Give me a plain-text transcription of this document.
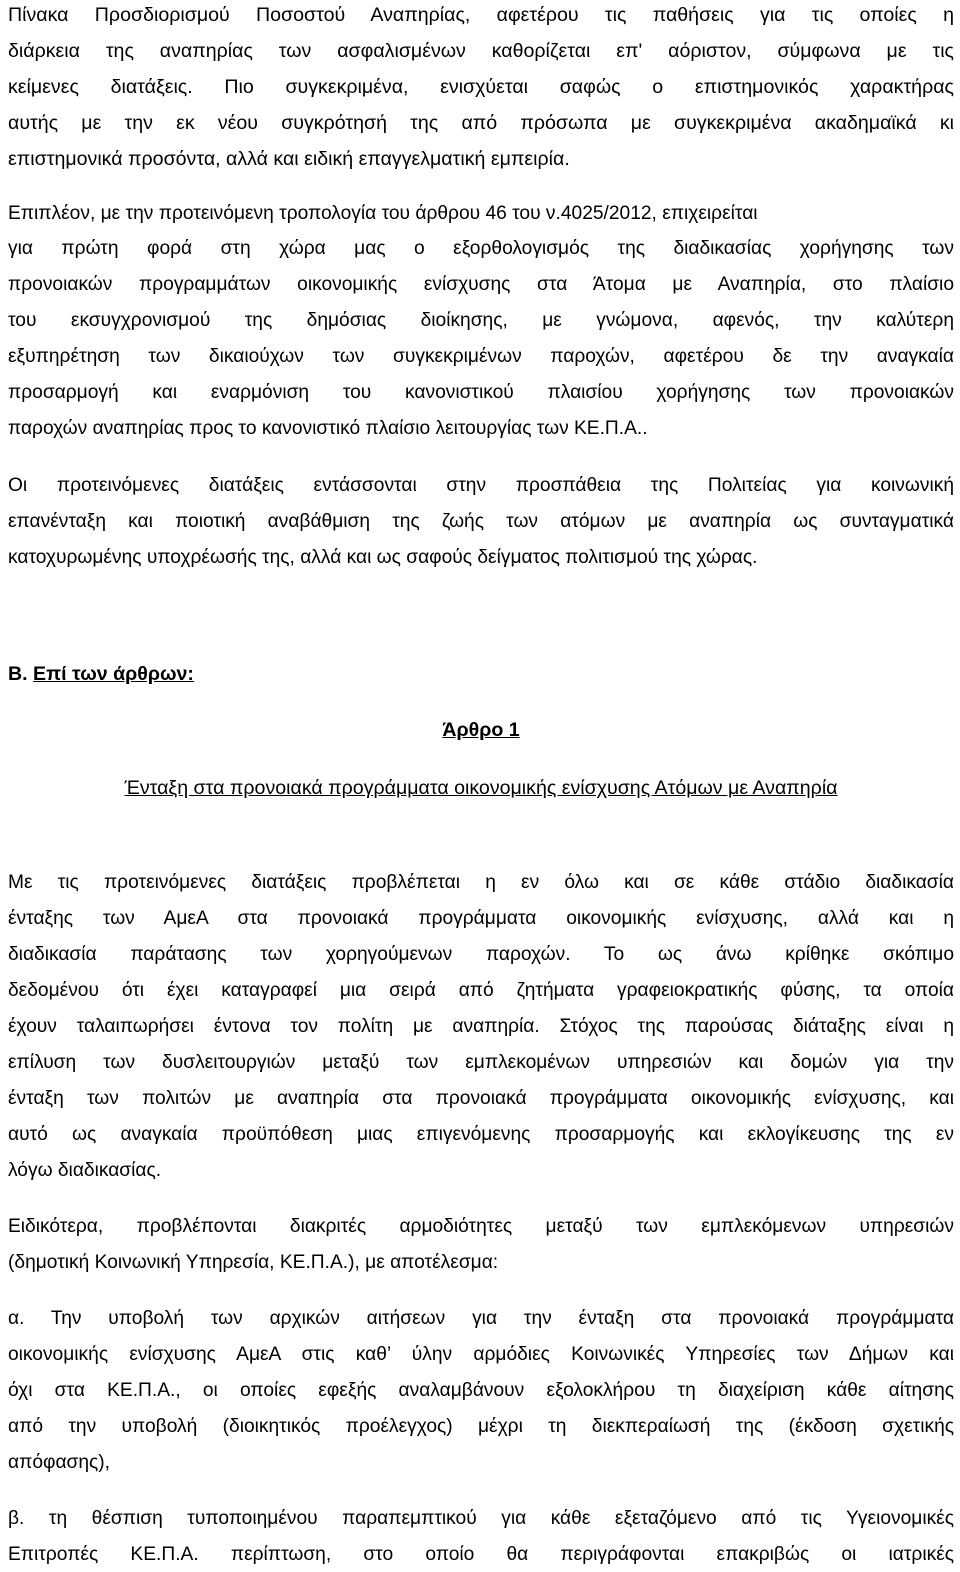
Πίνακα Προσδιορισμού Ποσοστού Αναπηρίας, αφετέρου τις παθήσεις για τις οποίες η
διάρκεια της αναπηρίας των ασφαλισμένων καθορίζεται επ' αόριστον, σύμφωνα με τις
κείμενες διατάξεις. Πιο συγκεκριμένα, ενισχύεται σαφώς ο επιστημονικός χαρακτήρας
αυτής με την εκ νέου συγκρότησή της από πρόσωπα με συγκεκριμένα ακαδημαϊκά κι
επιστημονικά προσόντα, αλλά και ειδική επαγγελματική εμπειρία.
Επιπλέον, με την προτεινόμενη τροπολογία του άρθρου 46 του ν.4025/2012, επιχειρείται
για πρώτη φορά στη χώρα μας ο εξορθολογισμός της διαδικασίας χορήγησης των
προνοιακών προγραμμάτων οικονομικής ενίσχυσης στα Άτομα με Αναπηρία, στο πλαίσιο
του εκσυγχρονισμού της δημόσιας διοίκησης, με γνώμονα, αφενός, την καλύτερη
εξυπηρέτηση των δικαιούχων των συγκεκριμένων παροχών, αφετέρου δε την αναγκαία
προσαρμογή και εναρμόνιση του κανονιστικού πλαισίου χορήγησης των προνοιακών
παροχών αναπηρίας προς το κανονιστικό πλαίσιο λειτουργίας των ΚΕ.Π.Α..
Οι προτεινόμενες διατάξεις εντάσσονται στην προσπάθεια της Πολιτείας για κοινωνική
επανένταξη και ποιοτική αναβάθμιση της ζωής των ατόμων με αναπηρία ως συνταγματικά
κατοχυρωμένης υποχρέωσής της, αλλά και ως σαφούς δείγματος πολιτισμού της χώρας.
Β. Επί των άρθρων:
Άρθρο 1
Ένταξη στα προνοιακά προγράμματα οικονομικής ενίσχυσης Ατόμων με Αναπηρία
Με τις προτεινόμενες διατάξεις προβλέπεται η εν όλω και σε κάθε στάδιο διαδικασία
ένταξης των ΑμεΑ στα προνοιακά προγράμματα οικονομικής ενίσχυσης, αλλά και η
διαδικασία παράτασης των χορηγούμενων παροχών. Το ως άνω κρίθηκε σκόπιμο
δεδομένου ότι έχει καταγραφεί μια σειρά από ζητήματα γραφειοκρατικής φύσης, τα οποία
έχουν ταλαιπωρήσει έντονα τον πολίτη με αναπηρία. Στόχος της παρούσας διάταξης είναι η
επίλυση των δυσλειτουργιών μεταξύ των εμπλεκομένων υπηρεσιών και δομών για την
ένταξη των πολιτών με αναπηρία στα προνοιακά προγράμματα οικονομικής ενίσχυσης, και
αυτό ως αναγκαία προϋπόθεση μιας επιγενόμενης προσαρμογής και εκλογίκευσης της εν
λόγω διαδικασίας.
Ειδικότερα, προβλέπονται διακριτές αρμοδιότητες μεταξύ των εμπλεκόμενων υπηρεσιών
(δημοτική Κοινωνική Υπηρεσία, ΚΕ.Π.Α.), με αποτέλεσμα:
α. Την υποβολή των αρχικών αιτήσεων για την ένταξη στα προνοιακά προγράμματα
οικονομικής ενίσχυσης ΑμεΑ στις καθ’ ύλην αρμόδιες Κοινωνικές Υπηρεσίες των Δήμων και
όχι στα ΚΕ.Π.Α., οι οποίες εφεξής αναλαμβάνουν εξολοκλήρου τη διαχείριση κάθε αίτησης
από την υποβολή (διοικητικός προέλεγχος) μέχρι τη διεκπεραίωσή της (έκδοση σχετικής
απόφασης),
β. τη θέσπιση τυποποιημένου παραπεμπτικού για κάθε εξεταζόμενο από τις Υγειονομικές
Επιτροπές ΚΕ.Π.Α. περίπτωση, στο οποίο θα περιγράφονται επακριβώς οι ιατρικές
